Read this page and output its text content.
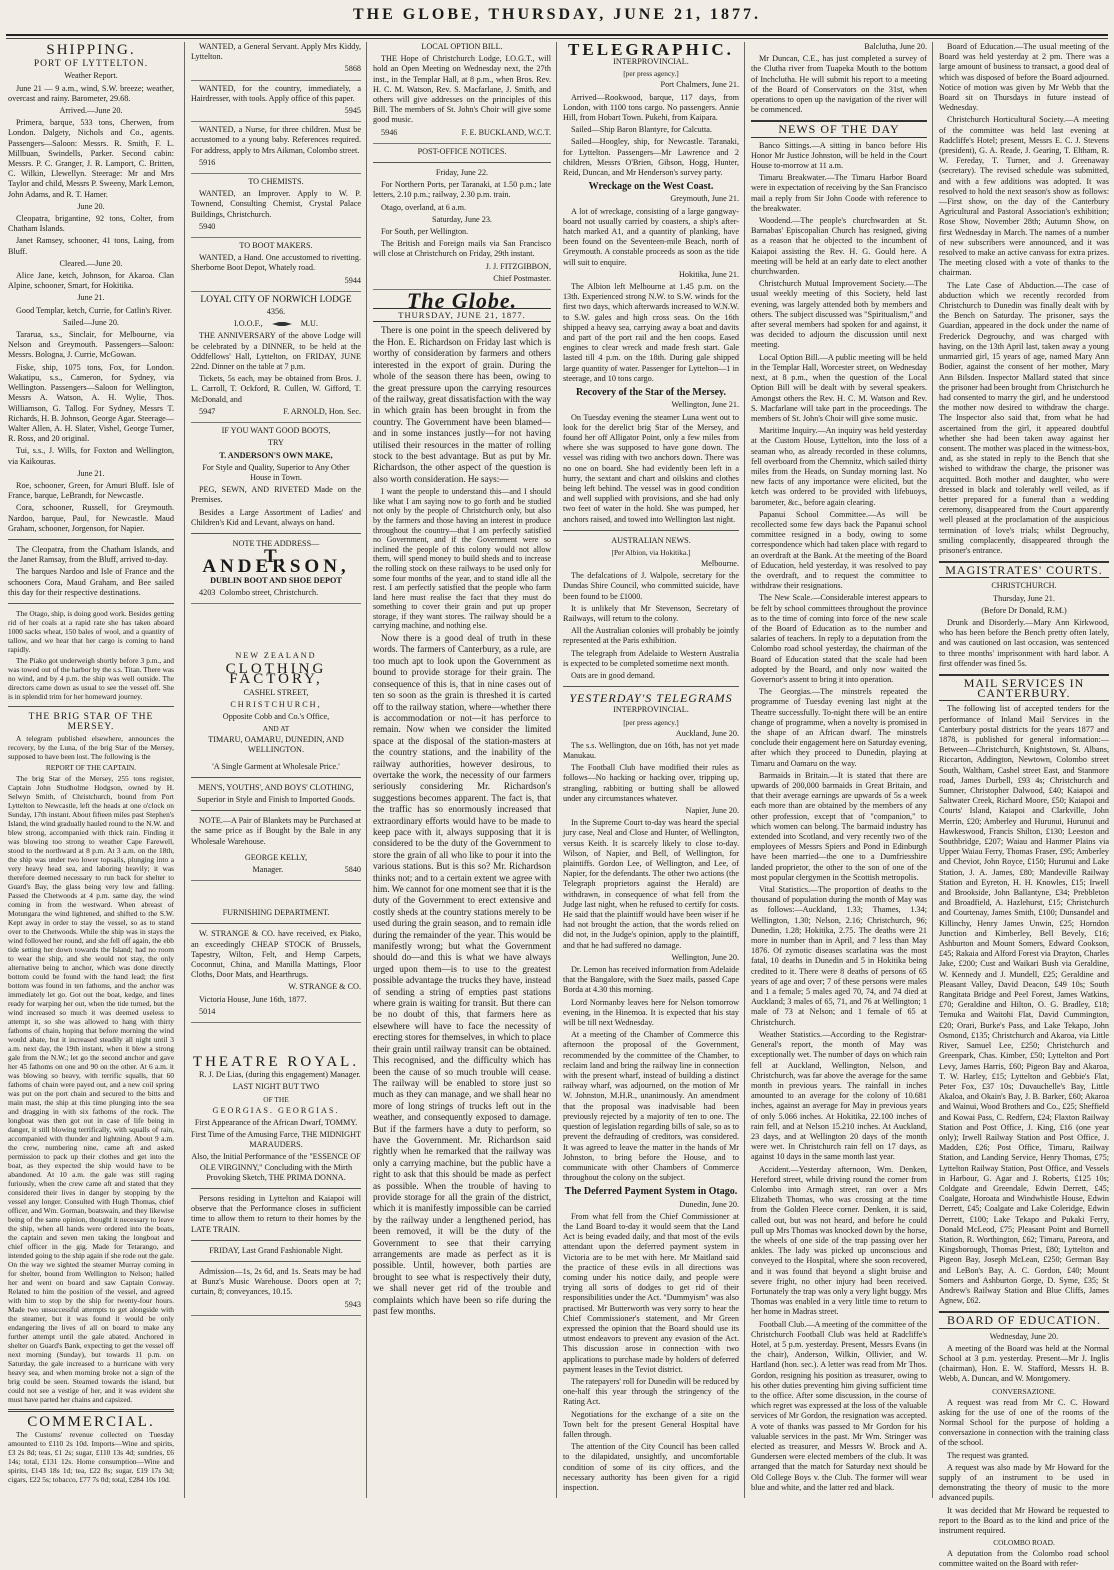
THE GLOBE, THURSDAY, JUNE 21, 1877.
SHIPPING.
PORT OF LYTTELTON.

Weather Report.

June 21 — 9 a.m., wind, S.W. breeze; weather, overcast and rainy. Barometer, 29.68.

Arrived.—June 20.

Primera, barque, 533 tons, Cherwen, from London. Dalgety, Nichols and Co., agents. Passengers—Saloon: Messrs. R. Smith, F. L. Millbuan, Swindells, Parker. Second cabin: Messrs. P. C. Granger, J. R. Lamport, C. Britten, C. Wilkin, Llewellyn. Steerage: Mr and Mrs Taylor and child, Messrs P. Sweeny, Mark Lemon, John Adams, and R. T. Hamer.

June 20.

Cleopatra, brigantine, 92 tons, Colter, from Chatham Islands.

Janet Ramsey, schooner, 41 tons, Laing, from Bluff.

Cleared.—June 20.

Alice Jane, ketch, Johnson, for Akaroa. Clan Alpine, schooner, Smart, for Hokitika.

June 21.

Good Templar, ketch, Currie, for Catlin's River.

Sailed—June 20.

Tararua, s.s., Sinclair, for Melbourne, via Nelson and Greymouth. Passengers—Saloon: Messrs. Bologna, J. Currie, McGowan.

Fiske, ship, 1075 tons, Fox, for London. Wakatipu, s.s., Cameron, for Sydney, via Wellington. Passengers—Saloon for Wellington, Messrs A. Watson, A. H. Wylie, Thos. Williamson, G. Tallog. For Sydney, Messrs T. Richards, H. B. Johnson, George Agar. Steerage—Walter Allen, A. H. Slater, Vishel, George Turner, R. Ross, and 20 original.

Tui, s.s., J. Wills, for Foxton and Wellington, via Kaikouras.

June 21.

Roe, schooner, Green, for Amuri Bluff. Isle of France, barque, LeBrandt, for Newcastle.

Cora, schooner, Russell, for Greymouth. Nardoo, barque, Paul, for Newcastle. Maud Graham, schooner, Jorgenson, for Napier.

The Cleopatra, from the Chatham Islands, and the Janet Ramsay, from the Bluff, arrived to-day.

The barques Nardoo and Isle of France and the schooners Cora, Maud Graham, and Bee sailed this day for their respective destinations.

The Otago, ship, is doing good work. Besides getting rid of her coals at a rapid rate she has taken aboard 1000 sacks wheat, 150 bales of wool, and a quantity of tallow, and we hear that her cargo is coming to hand rapidly.

The Piako got underweigh shortly before 3 p.m., and was towed out of the harbor by the s.s. Titan. There was no wind, and by 4 p.m. the ship was well outside. The directors came down as usual to see the vessel off. She is in splendid trim for her homeward journey.

THE BRIG STAR OF THE MERSEY.

A telegram published elsewhere, announces the recovery, by the Luna, of the brig Star of the Mersey, supposed to have been lost. The following is the

REPORT OF THE CAPTAIN.

The brig Star of the Mersey, 255 tons register, Captain John Studholme Hodgson, owned by H. Selwyn Smith, of Christchurch, bound from Port Lyttelton to Newcastle, left the heads at one o'clock on Sunday, 17th instant. About fifteen miles past Stephen's Island, the wind gradually hauled round to the N.W. and blew strong, accompanied with thick rain. Finding it was blowing too strong to weather Cape Farewell, stood to the northward at 8 p.m. At 3 a.m. on the 18th, the ship was under two lower topsails, plunging into a very heavy head sea, and laboring heavily; it was therefore deemed necessary to run back for shelter to Guard's Bay, the glass being very low and falling. Passed the Chetwoods at 4 p.m. same day, the wind coming in from the westward. When abreast of Motungara the wind lightened, and shifted to the S.W. Kept away in order to stay the vessel, so as to stand over to the Chetwoods. While the ship was in stays the wind followed her round, and she fell off again, the ebb tide setting her down towards the Island; had no room to wear the ship, and she would not stay, the only alternative being to anchor, which was done directly bottom could be found with the hand lead; the first bottom was found in ten fathoms, and the anchor was immediately let go. Got out the boat, kedge, and lines ready for warping her out, when the tide turned, but the wind increased so much it was deemed useless to attempt it, so she was allowed to hang with thirty fathoms of chain, hoping that before morning the wind would abate, but it increased steadily all night until 3 a.m. next day, the 19th instant, when it blew a strong gale from the N.W.; let go the second anchor and gave her 45 fathoms on one and 90 on the other. At 6 a.m. it was blowing so heavy, with terrific squalls, that 60 fathoms of chain were payed out, and a new coil spring was put on the port chain and secured to the bitts and main mast, the ship at this time plunging into the sea and dragging in with six fathoms of the rock. The longboat was then got out in case of life being in danger, it still blowing terrifically, with squalls of rain, accompanied with thunder and lightning. About 9 a.m. the crew, numbering nine, came aft and asked permission to pack up their clothes and get into the boat, as they expected the ship would have to be abandoned. At 10 a.m. the gale was still raging furiously, when the crew came aft and stated that they considered their lives in danger by stopping by the vessel any longer. Consulted with Hugh Thomas, chief officer, and Wm. Gorman, boatswain, and they likewise being of the same opinion, thought it necessary to leave the ship, when all hands were ordered into the boats, the captain and seven men taking the longboat and chief officer in the gig. Made for Tetarango, and intended going to the ship again if she rode out the gale. On the way we sighted the steamer Murray coming in for shelter, bound from Wellington to Nelson; hailed her and went on board and saw Captain Conway. Related to him the position of the vessel, and agreed with him to stop by the ship for twenty-four hours. Made two unsuccessful attempts to get alongside with the steamer, but it was found it would be only endangering the lives of all on board to make any further attempt until the gale abated. Anchored in shelter on Guard's Bank, expecting to get the vessel off next morning (Sunday), but towards 11 p.m. on Saturday, the gale increased to a hurricane with very heavy sea, and when morning broke not a sign of the brig could be seen. Steamed towards the island, but could not see a vestige of her, and it was evident she must have parted her chains and capsized.

COMMERCIAL.

The Customs' revenue collected on Tuesday amounted to £110 2s 10d. Imports—Wine and spirits, £3 2s 8d; teas, £1 2s; sugar, £110 13s 4d; sundries, £6 14s; total, £131 12s. Home consumption—Wine and spirits, £143 18s 1d; tea, £22 8s; sugar, £19 17s 3d; cigars, £22 5s; tobacco, £77 7s 0d; total, £284 10s 10d.

WANTED, a General Servant. Apply Mrs Kiddy, Lyttelton.

5868

WANTED, for the country, immediately, a Hairdresser, with tools. Apply office of this paper.

5945

WANTED, a Nurse, for three children. Must be accustomed to a young baby. References required. For address, apply to Mrs Aikman, Colombo street.

5916

TO CHEMISTS.

WANTED, an Improver. Apply to W. P. Townend, Consulting Chemist, Crystal Palace Buildings, Christchurch.

5940

TO BOOT MAKERS.

WANTED, a Hand. One accustomed to rivetting. Sherborne Boot Depot, Whately road.

5944

LOYAL CITY OF NORWICH LODGE

4356.

I.O.O.F.,	M.U.

THE ANNIVERSARY of the above Lodge will be celebrated by a DINNER, to be held at the Oddfellows' Hall, Lyttelton, on FRIDAY, JUNE 22nd. Dinner on the table at 7 p.m.

Tickets, 5s each, may be obtained from Bros. J. L. Carroll, T. Ockford, R. Cullen, W. Gifford, T. McDonald, and

5947	F. ARNOLD, Hon. Sec.

IF YOU WANT GOOD BOOTS,

TRY

T. ANDERSON'S OWN MAKE,

For Style and Quality, Superior to Any Other House in Town.

PEG, SEWN, AND RIVETED Made on the Premises.

Besides a Large Assortment of Ladies' and Children's Kid and Levant, always on hand.

NOTE THE ADDRESS—

T. ANDERSON,

DUBLIN BOOT AND SHOE DEPOT

4203 Colombo street, Christchurch.

NEW ZEALAND

CLOTHING FACTORY,

CASHEL STREET,

CHRISTCHURCH,

Opposite Cobb and Co.'s Office,

AND AT

TIMARU, OAMARU, DUNEDIN, AND WELLINGTON.

'A Single Garment at Wholesale Price.'

MEN'S, YOUTHS', AND BOYS' CLOTHING,

Superior in Style and Finish to Imported Goods.

NOTE.—A Pair of Blankets may be Purchased at the same price as if Bought by the Bale in any Wholesale Warehouse.

GEORGE KELLY,

Manager.	5840

FURNISHING DEPARTMENT.

W. STRANGE & CO. have received, ex Piako, an exceedingly CHEAP STOCK of Brussels, Tapestry, Wilton, Felt, and Hemp Carpets, Coconnut, China, and Manilla Mattings, Floor Cloths, Door Mats, and Hearthrugs.

W. STRANGE & CO.

Victoria House, June 16th, 1877.

5014

THEATRE ROYAL.

R. J. De Lias, (during this engagement) Manager.

LAST NIGHT BUT TWO

OF THE

GEORGIAS. GEORGIAS.

First Appearance of the African Dwarf, TOMMY.

First Time of the Amusing Farce, THE MIDNIGHT MARAUDERS.

Also, the Initial Performance of the "ESSENCE OF OLE VIRGINNY," Concluding with the Mirth Provoking Sketch, THE PRIMA DONNA.

Persons residing in Lyttelton and Kaiapoi will observe that the Performance closes in sufficient time to allow them to return to their homes by the LATE TRAIN.

FRIDAY, Last Grand Fashionable Night.

Admission—1s, 2s 6d, and 1s. Seats may be had at Bunz's Music Warehouse. Doors open at 7; curtain, 8; conveyances, 10.15.

5943

LOCAL OPTION BILL.

THE Hope of Christchurch Lodge, I.O.G.T., will hold an Open Meeting on Wednesday next, the 27th inst., in the Templar Hall, at 8 p.m., when Bros. Rev. H. C. M. Watson, Rev. S. Macfarlane, J. Smith, and others will give addresses on the principles of this Bill. The members of St. John's Choir will give some good music.

5946	F. E. BUCKLAND, W.C.T.

POST-OFFICE NOTICES.

Friday, June 22.

For Northern Ports, per Taranaki, at 1.50 p.m.; late letters, 2.10 p.m.; railway, 2.30 p.m. train.

Otago, overland, at 6 a.m.

Saturday, June 23.

For South, per Wellington.

The British and Foreign mails via San Francisco will close at Christchurch on Friday, 29th instant.

J. J. FITZGIBBON,

Chief Postmaster.

The Globe.
THURSDAY, JUNE 21, 1877.

There is one point in the speech delivered by the Hon. E. Richardson on Friday last which is worthy of consideration by farmers and others interested in the export of grain. During the whole of the season there has been, owing to the great pressure upon the carrying resources of the railway, great dissatisfaction with the way in which grain has been brought in from the country. The Government have been blamed—and in some instances justly—for not having utilised their resources in the matter of rolling stock to the best advantage. But as put by Mr. Richardson, the other aspect of the question is also worth consideration. He says:—

I want the people to understand this—and I should like what I am saying now to go forth and be studied not only by the people of Christchurch only, but also by the farmers and those having an interest in produce throughout the country—that I am perfectly satisfied no Government, and if the Government were so inclined the people of this colony would not allow them, will spend money to build sheds and to increase the rolling stock on these railways to be used only for some four months of the year, and to stand idle all the rest. I am perfectly satisfied that the people who farm land here must realise the fact that they must do something to cover their grain and put up proper storage, if they want stores. The railway should be a carrying machine, and nothing else.

Now there is a good deal of truth in these words. The farmers of Canterbury, as a rule, are too much apt to look upon the Government as bound to provide storage for their grain. The consequence of this is, that in nine cases out of ten so soon as the grain is threshed it is carted off to the railway station, where—whether there is accommodation or not—it has perforce to remain. Now when we consider the limited space at the disposal of the station-masters at the country stations, and the inability of the railway authorities, however desirous, to overtake the work, the necessity of our farmers seriously considering Mr. Richardson's suggestions becomes apparent. The fact is, that the traffic has so enormously increased that extraordinary efforts would have to be made to keep pace with it, always supposing that it is considered to be the duty of the Government to store the grain of all who like to pour it into the various stations. But is this so? Mr. Richardson thinks not; and to a certain extent we agree with him. We cannot for one moment see that it is the duty of the Government to erect extensive and costly sheds at the country stations merely to be used during the grain season, and to remain idle during the remainder of the year. This would be manifestly wrong; but what the Government should do—and this is what we have always urged upon them—is to use to the greatest possible advantage the trucks they have, instead of sending a string of empties past stations where grain is waiting for transit. But there can be no doubt of this, that farmers here as elsewhere will have to face the necessity of erecting stores for themselves, in which to place their grain until railway transit can be obtained. This recognised, and the difficulty which has been the cause of so much trouble will cease. The railway will be enabled to store just so much as they can manage, and we shall hear no more of long strings of trucks left out in the weather, and consequently exposed to damage. But if the farmers have a duty to perform, so have the Government. Mr. Richardson said rightly when he remarked that the railway was only a carrying machine, but the public have a right to ask that this should be made as perfect as possible. When the trouble of having to provide storage for all the grain of the district, which it is manifestly impossible can be carried by the railway under a lengthened period, has been removed, it will be the duty of the Government to see that their carrying arrangements are made as perfect as it is possible. Until, however, both parties are brought to see what is respectively their duty, we shall never get rid of the trouble and complaints which have been so rife during the past few months.

TELEGRAPHIC.

INTERPROVINCIAL.

[per press agency.]

Port Chalmers, June 21.

Arrived—Rookwood, barque, 117 days, from London, with 1100 tons cargo. No passengers. Annie Hill, from Hobart Town. Pukehi, from Kaipara.

Sailed—Ship Baron Blantyre, for Calcutta.

Sailed—Hoogley, ship, for Newcastle. Taranaki, for Lyttelton. Passengers—Mr Lawrence and 2 children, Messrs O'Brien, Gibson, Hogg, Hunter, Reid, Duncan, and Mr Henderson's survey party.

Wreckage on the West Coast.

Greymouth, June 21.

A lot of wreckage, consisting of a large gangway-board not usually carried by coasters, a ship's after-hatch marked A1, and a quantity of planking, have been found on the Seventeen-mile Beach, north of Greymouth. A constable proceeds as soon as the tide will suit to enquire.

Hokitika, June 21.

The Albion left Melbourne at 1.45 p.m. on the 13th. Experienced strong N.W. to S.W. winds for the first two days, which afterwards increased to W.N.W. to S.W. gales and high cross seas. On the 16th shipped a heavy sea, carrying away a boat and davits and part of the port rail and the hen coops. Eased engines to clear wreck and made fresh start. Gale lasted till 4 p.m. on the 18th. During gale shipped large quantity of water. Passenger for Lyttelton—1 in steerage, and 10 tons cargo.

Recovery of the Star of the Mersey.

Wellington, June 21.

On Tuesday evening the steamer Luna went out to look for the derelict brig Star of the Mersey, and found her off Alligator Point, only a few miles from where she was supposed to have gone down. The vessel was riding with two anchors down. There was no one on board. She had evidently been left in a hurry, the sextant and chart and oilskins and clothes being left behind. The vessel was in good condition and well supplied with provisions, and she had only two feet of water in the hold. She was pumped, her anchors raised, and towed into Wellington last night.

AUSTRALIAN NEWS.

[Per Albion, via Hokitika.]

Melbourne.

The defalcations of J. Walpole, secretary for the Dundas Shire Council, who committed suicide, have been found to be £1000.

It is unlikely that Mr Stevenson, Secretary of Railways, will return to the colony.

All the Australian colonies will probably be jointly represented at the Paris exhibition.

The telegraph from Adelaide to Western Australia is expected to be completed sometime next month.

Oats are in good demand.

YESTERDAY'S TELEGRAMS

INTERPROVINCIAL.

[per press agency.]

Auckland, June 20.

The s.s. Wellington, due on 16th, has not yet made Manukau.

The Football Club have modified their rules as follows—No hacking or hacking over, tripping up, strangling, rabbiting or butting shall be allowed under any circumstances whatever.

Napier, June 20.

In the Supreme Court to-day was heard the special jury case, Neal and Close and Hunter, of Wellington, versus Keith. It is scarcely likely to close to-day. Wilson, of Napier, and Bell, of Wellington, for plaintiffs. Gordon Lee, of Wellington, and Lee, of Napier, for the defendants. The other two actions (the Telegraph proprietors against the Herald) are withdrawn, in consequence of what fell from the Judge last night, when he refused to certify for costs. He said that the plaintiff would have been wiser if he had not brought the action, that the words relied on did not, in the Judge's opinion, apply to the plaintiff, and that he had suffered no damage.

Wellington, June 20.

Dr. Lemon has received information from Adelaide that the Bangalore, with the Suez mails, passed Cape Borda at 4.30 this morning.

Lord Normanby leaves here for Nelson tomorrow evening, in the Hinemoa. It is expected that his stay will be till next Wednesday.

At a meeting of the Chamber of Commerce this afternoon the proposal of the Government, recommended by the committee of the Chamber, to reclaim land and bring the railway line in connection with the present wharf, instead of building a distinct railway wharf, was adjourned, on the motion of Mr W. Johnston, M.H.R., unanimously. An amendment that the proposal was inadvisable had been previously rejected by a majority of ten to one. The question of legislation regarding bills of sale, so as to prevent the defrauding of creditors, was considered. It was agreed to leave the matter in the hands of Mr Johnston, to bring before the House, and to communicate with other Chambers of Commerce throughout the colony on the subject.

The Deferred Payment System in Otago.

Dunedin, June 20.

From what fell from the Chief Commissioner at the Land Board to-day it would seem that the Land Act is being evaded daily, and that most of the evils attendant upon the deferred payment system in Victoria are to be met with here. Mr Maitland said the practice of these evils in all directions was coming under his notice daily, and people were trying all sorts of dodges to get rid of their responsibilities under the Act. "Dummyism" was also practised. Mr Butterworth was very sorry to hear the Chief Commissioner's statement, and Mr Green expressed the opinion that the Board should use its utmost endeavors to prevent any evasion of the Act. This discussion arose in connection with two applications to purchase made by holders of deferred payment leases in the Teviot district.

The ratepayers' roll for Dunedin will be reduced by one-half this year through the stringency of the Rating Act.

Negotiations for the exchange of a site on the Town belt for the present General Hospital have fallen through.

The attention of the City Council has been called to the dilapidated, unsightly, and uncomfortable condition of some of its city offices, and the necessary authority has been given for a rigid inspection.

Balclutha, June 20.

Mr Duncan, C.E., has just completed a survey of the Clutha river from Tuapeka Mouth to the bottom of Inchclutha. He will submit his report to a meeting of the Board of Conservators on the 31st, when operations to open up the navigation of the river will be commenced.

NEWS OF THE DAY

Banco Sittings.—A sitting in banco before His Honor Mr Justice Johnston, will be held in the Court House to-morrow at 11 a.m.

Timaru Breakwater.—The Timaru Harbor Board were in expectation of receiving by the San Francisco mail a reply from Sir John Coode with reference to the breakwater.

Woodend.—The people's churchwarden at St. Barnabas' Episcopalian Church has resigned, giving as a reason that he objected to the incumbent of Kaiapoi assisting the Rev. H. G. Gould here. A meeting will be held at an early date to elect another churchwarden.

Christchurch Mutual Improvement Society.—The usual weekly meeting of this Society, held last evening, was largely attended both by members and others. The subject discussed was "Spiritualism," and after several members had spoken for and against, it was decided to adjourn the discussion until next meeting.

Local Option Bill.—A public meeting will be held in the Templar Hall, Worcester street, on Wednesday next, at 8 p.m., when the question of the Local Option Bill will be dealt with by several speakers. Amongst others the Rev. H. C. M. Watson and Rev. S. Macfarlane will take part in the proceedings. The members of St. John's Choir will give some music.

Maritime Inquiry.—An inquiry was held yesterday at the Custom House, Lyttelton, into the loss of a seaman who, as already recorded in these columns, fell overboard from the Chemnitz, which sailed thirty miles from the Heads, on Sunday morning last. No new facts of any importance were elicited, but the ketch was ordered to be provided with lifebuoys, barometer, &c., before again clearing.

Papanui School Committee.—As will be recollected some few days back the Papanui school committee resigned in a body, owing to some correspondence which had taken place with regard to an overdraft at the Bank. At the meeting of the Board of Education, held yesterday, it was resolved to pay the overdraft, and to request the committee to withdraw their resignations.

The New Scale.—Considerable interest appears to be felt by school committees throughout the province as to the time of coming into force of the new scale of the Board of Education as to the number and salaries of teachers. In reply to a deputation from the Colombo road school yesterday, the chairman of the Board of Education stated that the scale had been adopted by the Board, and only now waited the Governor's assent to bring it into operation.

The Georgias.—The minstrels repeated the programme of Tuesday evening last night at the Theatre successfully. To-night there will be an entire change of programme, when a novelty is promised in the shape of an African dwarf. The minstrels conclude their engagement here on Saturday evening, after which they proceed to Dunedin, playing at Timaru and Oamaru on the way.

Barmaids in Britain.—It is stated that there are upwards of 200,000 barmaids in Great Britain, and that their average earnings are upwards of 5s a week each more than are obtained by the members of any other profession, except that of "companion," to which women can belong. The barmaid industry has extended into Scotland, and very recently two of the employees of Messrs Spiers and Pond in Edinburgh have been married—the one to a Dumfriesshire landed proprietor, the other to the son of one of the most popular clergymen in the Scottish metropolis.

Vital Statistics.—The proportion of deaths to the thousand of population during the month of May was as follows:—Auckland, 1.33; Thames, 1.34; Wellington, 1.30; Nelson, 2.16; Christchurch, 96; Dunedin, 1.28; Hokitika, 2.75. The deaths were 21 more in number than in April, and 7 less than May 1876. Of zymotic diseases scarlatina was the most fatal, 10 deaths in Dunedin and 5 in Hokitika being credited to it. There were 8 deaths of persons of 65 years of age and over; 7 of these persons were males and 1 a female; 5 males aged 70, 74, and 74 died at Auckland; 3 males of 65, 71, and 76 at Wellington; 1 male of 73 at Nelson; and 1 female of 65 at Christchurch.

Weather Statistics.—According to the Registrar-General's report, the month of May was exceptionally wet. The number of days on which rain fell at Auckland, Wellington, Nelson, and Christchurch, was far above the average for the same month in previous years. The rainfall in inches amounted to an average for the colony of 10.681 inches, against an average for May in previous years of only 5.066 inches. At Hokitika, 22.100 inches of rain fell, and at Nelson 15.210 inches. At Auckland, 23 days, and at Wellington 20 days of the month were wet. In Christchurch rain fell on 17 days, as against 10 days in the same month last year.

Accident.—Yesterday afternoon, Wm. Denken, Hereford street, while driving round the corner from Colombo into Armagh street, ran over a Mrs Elizabeth Thomas, who was crossing at the time from the Golden Fleece corner. Denken, it is said, called out, but was not heard, and before he could pull up Mrs Thomas was knocked down by the horse, the wheels of one side of the trap passing over her ankles. The lady was picked up unconscious and conveyed to the Hospital, where she soon recovered, and it was found that beyond a slight bruise and severe fright, no other injury had been received. Fortunately the trap was only a very light buggy. Mrs Thomas was enabled in a very little time to return to her home in Madras street.

Football Club.—A meeting of the committee of the Christchurch Football Club was held at Radcliffe's Hotel, at 5 p.m. yesterday. Present, Messrs Evans (in the chair), Anderson, Wilkin, Ollivier, and W. Hartland (hon. sec.). A letter was read from Mr Thos. Gordon, resigning his position as treasurer, owing to his other duties preventing him giving sufficient time to the office. After some discussion, in the course of which regret was expressed at the loss of the valuable services of Mr Gordon, the resignation was accepted. A vote of thanks was passed to Mr Gordon for his valuable services in the past. Mr Wm. Stringer was elected as treasurer, and Messrs W. Brock and A. Gundersen were elected members of the club. It was arranged that the match for Saturday next should be Old College Boys v. the Club. The former will wear blue and white, and the latter red and black.

Board of Education.—The usual meeting of the Board was held yesterday at 2 pm. There was a large amount of business to transact, a good deal of which was disposed of before the Board adjourned. Notice of motion was given by Mr Webb that the Board sit on Thursdays in future instead of Wednesday.

Christchurch Horticultural Society.—A meeting of the committee was held last evening at Radcliffe's Hotel; present, Messrs E. C. J. Stevens (president), G. A. Reade, J. Gearing, T. Eltham, R. W. Fereday, T. Turner, and J. Greenaway (secretary). The revised schedule was submitted, and with a few additions was adopted. It was resolved to hold the next season's show as follows:—First show, on the day of the Canterbury Agricultural and Pastoral Association's exhibition; Rose Show, November 28th; Autumn Show, on first Wednesday in March. The names of a number of new subscribers were announced, and it was resolved to make an active canvass for extra prizes. The meeting closed with a vote of thanks to the chairman.

The Late Case of Abduction.—The case of abduction which we recently recorded from Christchurch to Dunedin was finally dealt with by the Bench on Saturday. The prisoner, says the Guardian, appeared in the dock under the name of Frederick Degrouchy, and was charged with having, on the 13th April last, taken away a young unmarried girl, 15 years of age, named Mary Ann Bodier, against the consent of her mother, Mary Ann Bilsden. Inspector Mallard stated that since the prisoner had been brought from Christchurch he had consented to marry the girl, and he understood the mother now desired to withdraw the charge. The Inspector also said that, from what he had ascertained from the girl, it appeared doubtful whether she had been taken away against her consent. The mother was placed in the witness-box, and, as she stated in reply to the Bench that she wished to withdraw the charge, the prisoner was acquitted. Both mother and daughter, who were dressed in black and tolerably well veiled, as if better prepared for a funeral than a wedding ceremony, disappeared from the Court apparently well pleased at the proclamation of the auspicious termination of love's trials; whilst Degrouchy, smiling complacently, disappeared through the prisoner's entrance.

MAGISTRATES' COURTS.

CHRISTCHURCH.

Thursday, June 21.

(Before Dr Donald, R.M.)

Drunk and Disorderly.—Mary Ann Kirkwood, who has been before the Bench pretty often lately, and was cautioned on last occasion, was sentenced to three months' imprisonment with hard labor. A first offender was fined 5s.

MAIL SERVICES IN CANTERBURY.

The following list of accepted tenders for the performance of Inland Mail Services in the Canterbury postal districts for the years 1877 and 1878, is published for general information:—Between—Christchurch, Knightstown, St. Albans, Riccarton, Addington, Newtown, Colombo street South, Waltham, Cashel street East, and Stanmore road, James Durbell, £93 4s; Christchurch and Sumner, Christopher Dalwood, £40; Kaiapoi and Saltwater Creek, Richard Moore, £50; Kaiapoi and Courts' Island, Kaiapoi and Clarkville, John Merrin, £20; Amberley and Hurunui, Hurunui and Hawkeswood, Francis Shilton, £130; Leeston and Southbridge, £207; Waiau and Hanmer Plains via Upper Waiau Ferry, Thomas Fraser, £95; Amberley and Cheviot, John Royce, £150; Hurunui and Lake Station, J. A. James, £80; Mandeville Railway Station and Eyreton, H. H. Knowles, £15; Irwell and Brookside, John Ballantyne, £34; Prebbleton and Broadfield, A. Hazlehurst, £15; Christchurch and Courtenay, James Smith, £100; Dunsandel and Killinchy, Henry James Unwin, £25; Horndon Junction and Kimberley, Bell Bevely, £16; Ashburton and Mount Somers, Edward Cookson, £45; Rakaia and Alford Forest via Drayton, Charles Jake, £200; Cust and Waikari Bush via Geraldine, W. Kennedy and J. Mundell, £25; Geraldine and Pleasant Valley, David Deacon, £49 10s; South Rangitata Bridge and Peel Forest, James Watkins, £70; Geraldine and Hilton, O. G. Bradley, £18; Temuka and Waitohi Flat, David Cummington, £20; Orari, Burke's Pass, and Lake Tekapo, John Osmond, £135; Christchurch and Akaroa, via Little River, Samuel Lee, £250; Christchurch and Greenpark, Chas. Kimber, £50; Lyttelton and Port Levy, James Harris, £60; Pigeon Bay and Akaroa, T. W. Harley, £15; Lyttelton and Gebbie's Flat, Peter Fox, £37 10s; Duvauchelle's Bay, Little Akaloa, and Okain's Bay, J. B. Barker, £60; Akaroa and Wainui, Wood Brothers and Co., £25; Sheffield and Kowai Pass, C. Redfern, £24; Flaxton Railway Station and Post Office, J. King, £16 (one year only); Irwell Railway Station and Post Office, J. Madden, £26; Post Office, Timaru, Railway Station, and Landing Service, Henry Thomas, £75; Lyttelton Railway Station, Post Office, and Vessels in Harbour, G. Agar and J. Roberts, £125 10s; Coldgate and Greendale, Edwin Derrett, £45; Coalgate, Horoata and Windwhistle House, Edwin Derrett, £45; Coalgate and Lake Coleridge, Edwin Derrett, £100; Lake Tekapo and Pukaki Ferry, Donald McLeod, £75; Pleasant Point and Burnell Station, R. Worthington, £62; Timaru, Pareora, and Kingsborough, Thomas Priest, £80; Lyttelton and Pigeon Bay, Joseph McLean, £250; German Bay and LeBon's Bay, A. C. Gordon, £40; Mount Somers and Ashburton Gorge, D. Syme, £35; St Andrew's Railway Station and Blue Cliffs, James Agnew, £62.

BOARD OF EDUCATION.

Wednesday, June 20.

A meeting of the Board was held at the Normal School at 3 p.m. yesterday. Present—Mr J. Inglis (chairman), Hon. E. W. Stafford, Messrs H. B. Webb, A. Duncan, and W. Montgomery.

CONVERSAZIONE.

A request was read from Mr C. C. Howard asking for the use of one of the rooms of the Normal School for the purpose of holding a conversazione in connection with the training class of the school.

The request was granted.

A request was also made by Mr Howard for the supply of an instrument to be used in demonstrating the theory of music to the more advanced pupils.

It was decided that Mr Howard be requested to report to the Board as to the kind and price of the instrument required.

COLOMBO ROAD.

A deputation from the Colombo road school committee waited on the Board with refer-
